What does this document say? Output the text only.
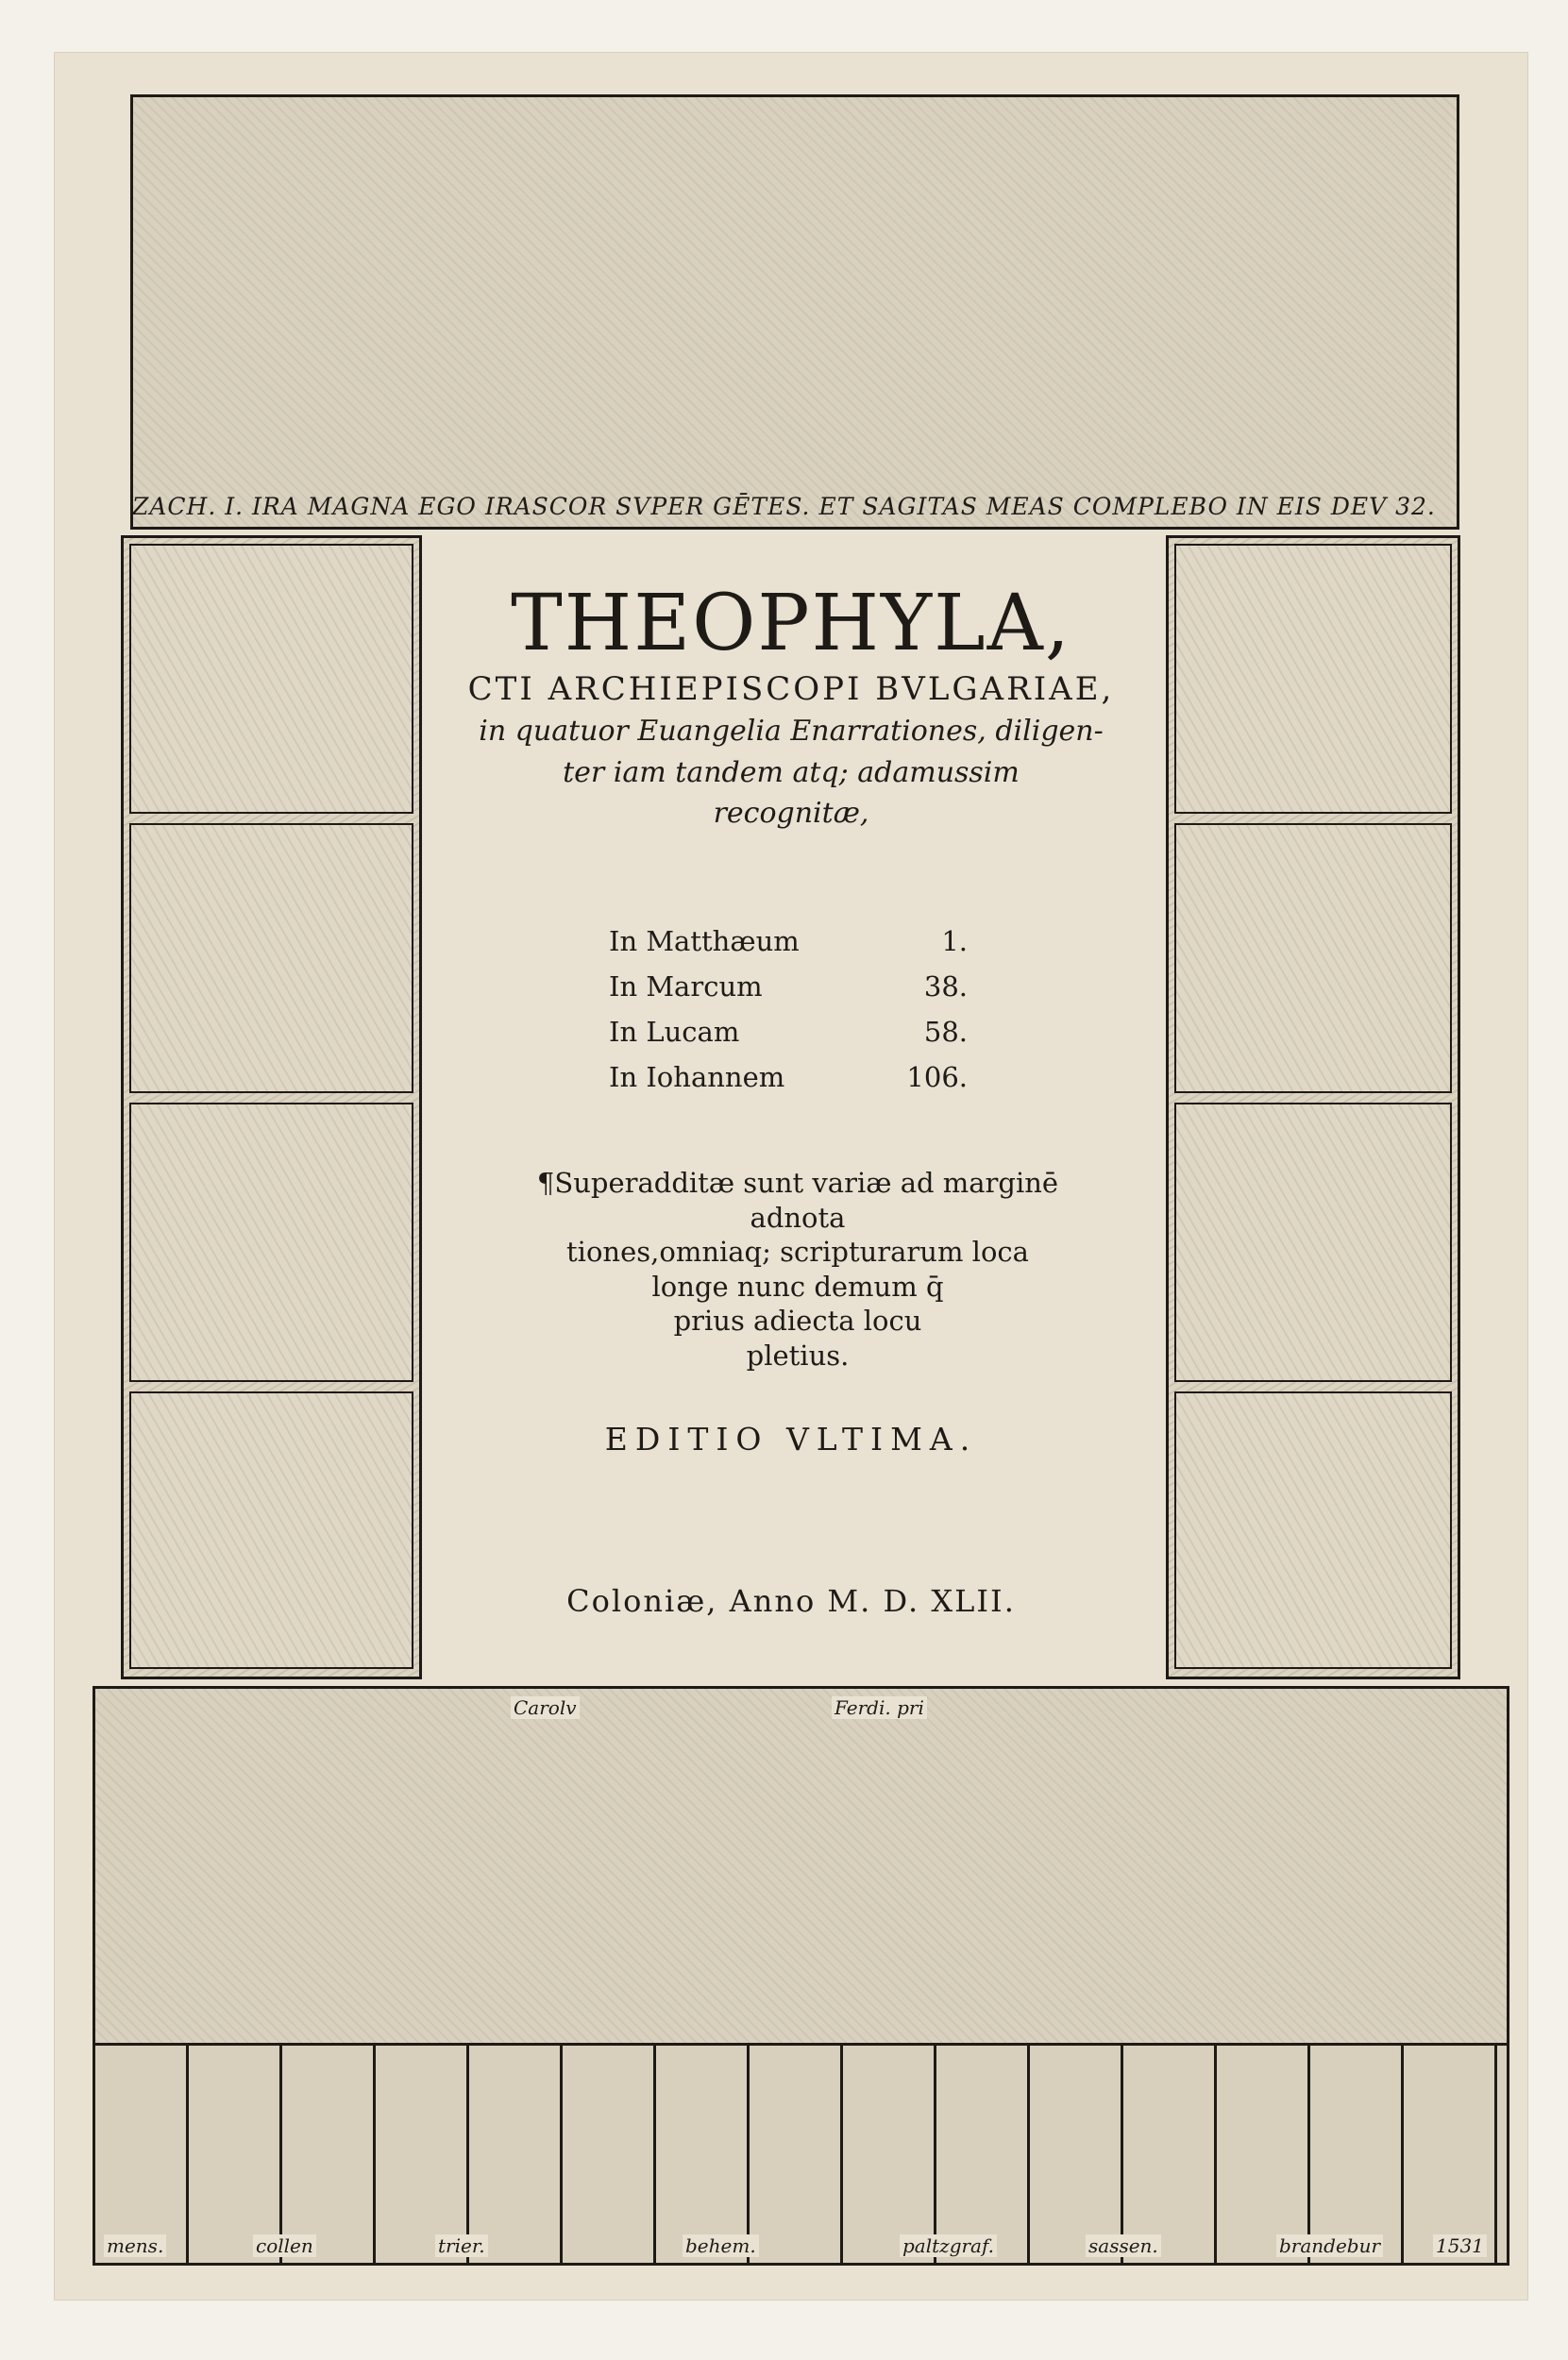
ZACH. I. IRA MAGNA EGO IRASCOR SVPER GĒTES. ET SAGITAS MEAS COMPLEBO IN EIS DEV 32.
THEOPHYLA,
CTI ARCHIEPISCOPI BVLGARIAE,
in quatuor Euangelia Enarrationes, diligen-
ter iam tandem atq; adamussim
recognitæ,
In Matthæum	1.
In Marcum	38.
In Lucam	58.
In Iohannem	106.
¶Superadditæ sunt variæ ad marginē adnota
tiones,omniaq; scripturarum loca
longe nunc demum q̄
prius adiecta locu
pletius.
EDITIO VLTIMA.
Coloniæ, Anno M. D. XLII.
Carolv	Ferdi. pri
mens.	collen	trier.	behem.	paltzgraf.	sassen.	brandebur	1531
